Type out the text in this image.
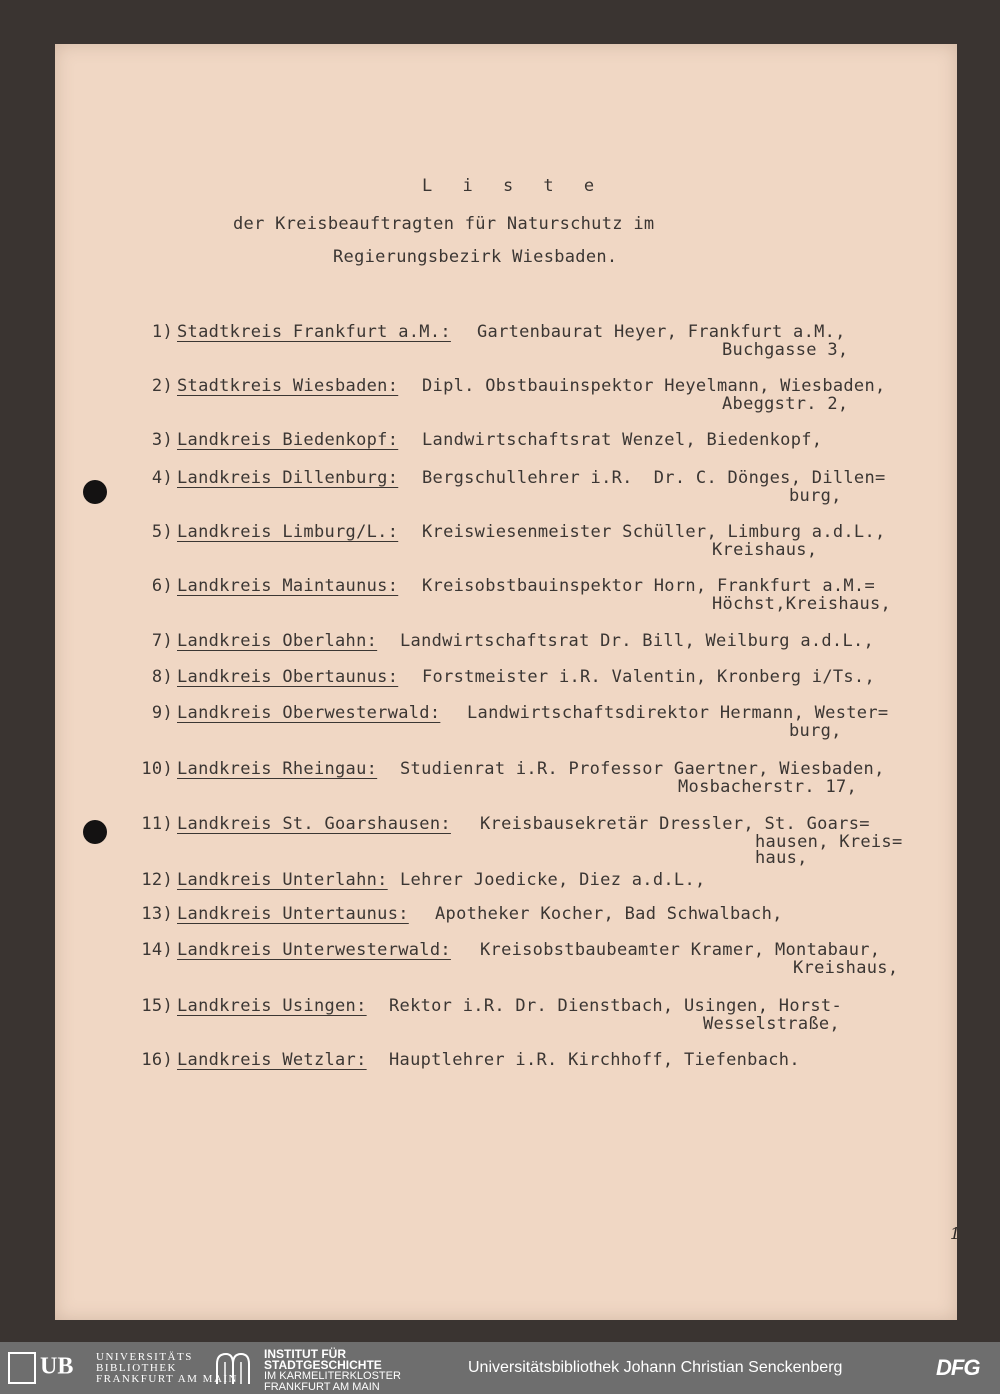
L i s t e
der Kreisbeauftragten für Naturschutz im
Regierungsbezirk Wiesbaden.
1) Stadtkreis Frankfurt a.M.: Gartenbaurat Heyer, Frankfurt a.M.,
Buchgasse 3,
2) Stadtkreis Wiesbaden: Dipl. Obstbauinspektor Heyelmann, Wiesbaden,
Abeggstr. 2,
3) Landkreis Biedenkopf: Landwirtschaftsrat Wenzel, Biedenkopf,
4) Landkreis Dillenburg: Bergschullehrer i.R.  Dr. C. Dönges, Dillen=
burg,
5) Landkreis Limburg/L.: Kreiswiesenmeister Schüller, Limburg a.d.L.,
Kreishaus,
6) Landkreis Maintaunus: Kreisobstbauinspektor Horn, Frankfurt a.M.=
Höchst,Kreishaus,
7) Landkreis Oberlahn: Landwirtschaftsrat Dr. Bill, Weilburg a.d.L.,
8) Landkreis Obertaunus: Forstmeister i.R. Valentin, Kronberg i/Ts.,
9) Landkreis Oberwesterwald: Landwirtschaftsdirektor Hermann, Wester=
burg,
10) Landkreis Rheingau: Studienrat i.R. Professor Gaertner, Wiesbaden,
Mosbacherstr. 17,
11) Landkreis St. Goarshausen: Kreisbausekretär Dressler, St. Goars=
hausen, Kreis=
haus,
12) Landkreis Unterlahn: Lehrer Joedicke, Diez a.d.L.,
13) Landkreis Untertaunus: Apotheker Kocher, Bad Schwalbach,
14) Landkreis Unterwesterwald: Kreisobstbaubeamter Kramer, Montabaur,
Kreishaus,
15) Landkreis Usingen: Rektor i.R. Dr. Dienstbach, Usingen, Horst-
Wesselstraße,
16) Landkreis Wetzlar: Hauptlehrer i.R. Kirchhoff, Tiefenbach.
1
UB UNIVERSITÄTS
BIBLIOTHEK
FRANKFURT AM MAIN
INSTITUT FÜR
STADTGESCHICHTE
IM KARMELITERKLOSTER
FRANKFURT AM MAIN
Universitätsbibliothek Johann Christian Senckenberg	DFG
